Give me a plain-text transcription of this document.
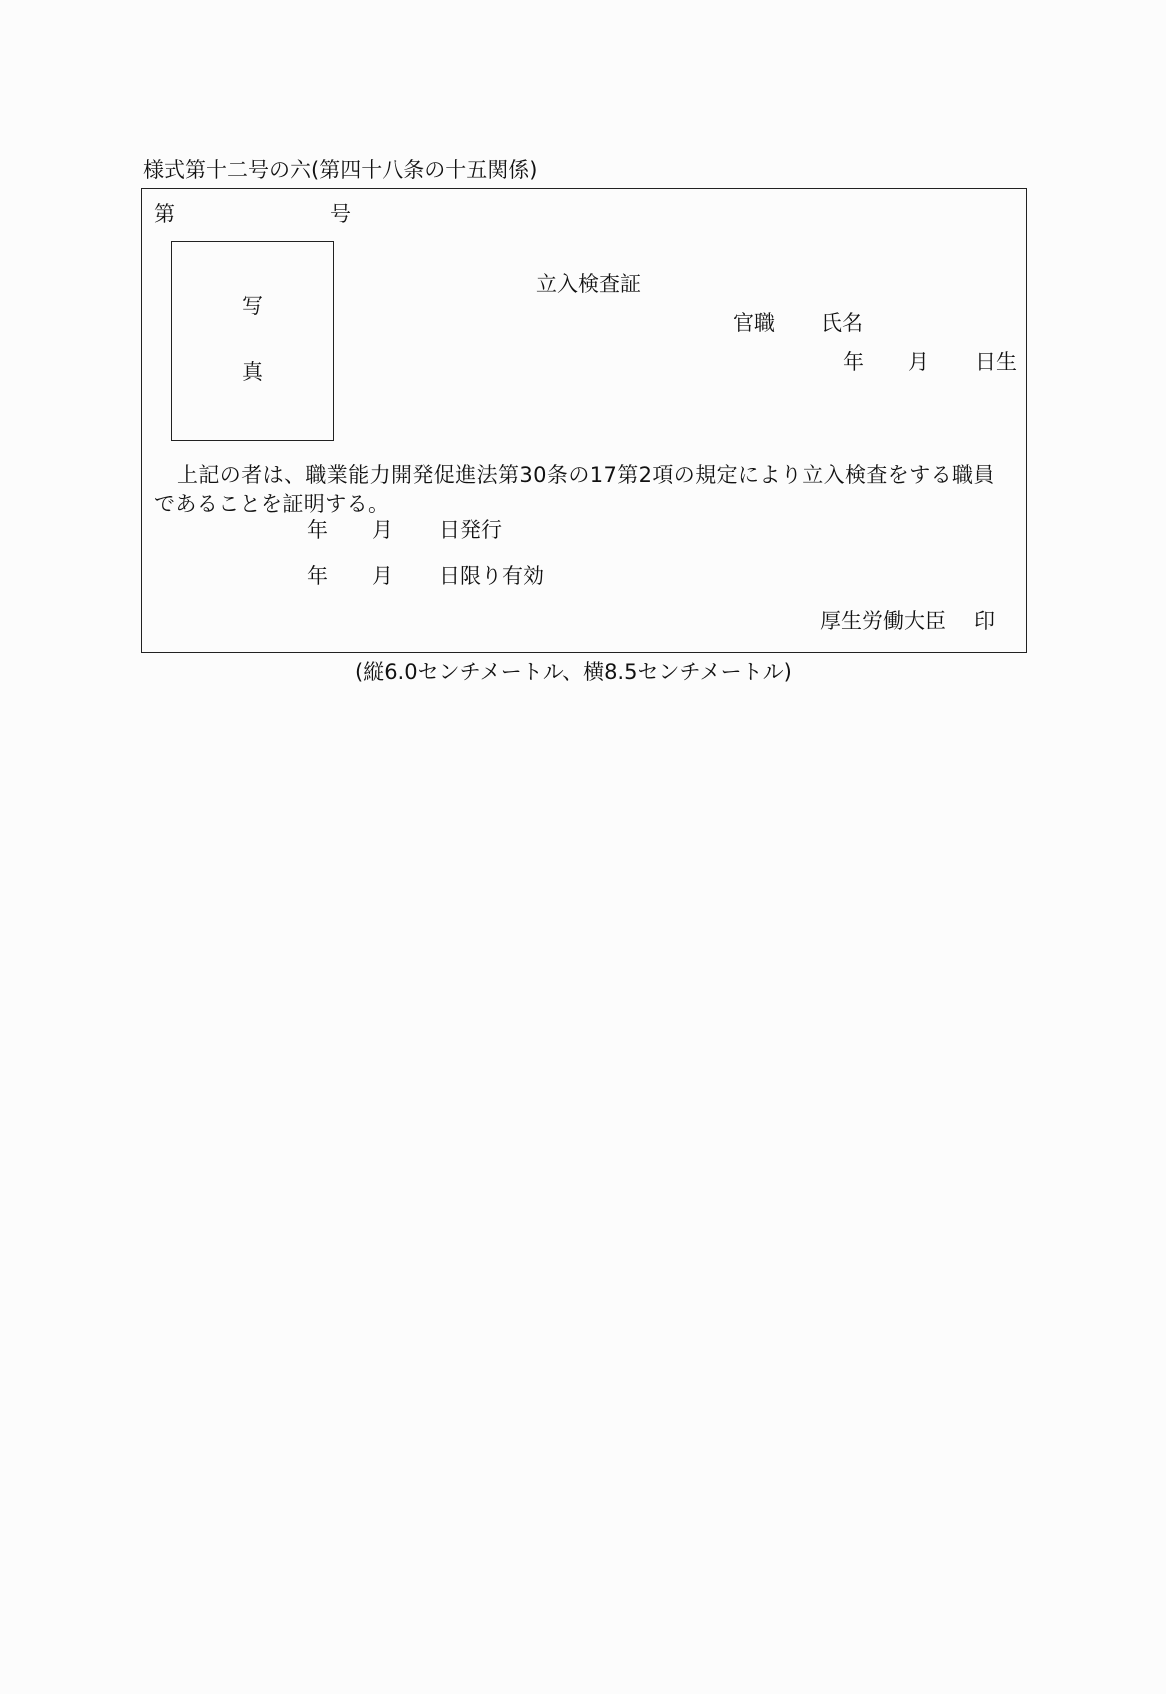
様式第十二号の六(第四十八条の十五関係)
第	号
写
真
立入検査証
官職 氏名
年 月 日生
上記の者は、職業能力開発促進法第30条の17第2項の規定により立入検査をする職員であることを証明する。
年 月 日発行
年 月 日限り有効
厚生労働大臣 印
(縦6.0センチメートル、横8.5センチメートル)
